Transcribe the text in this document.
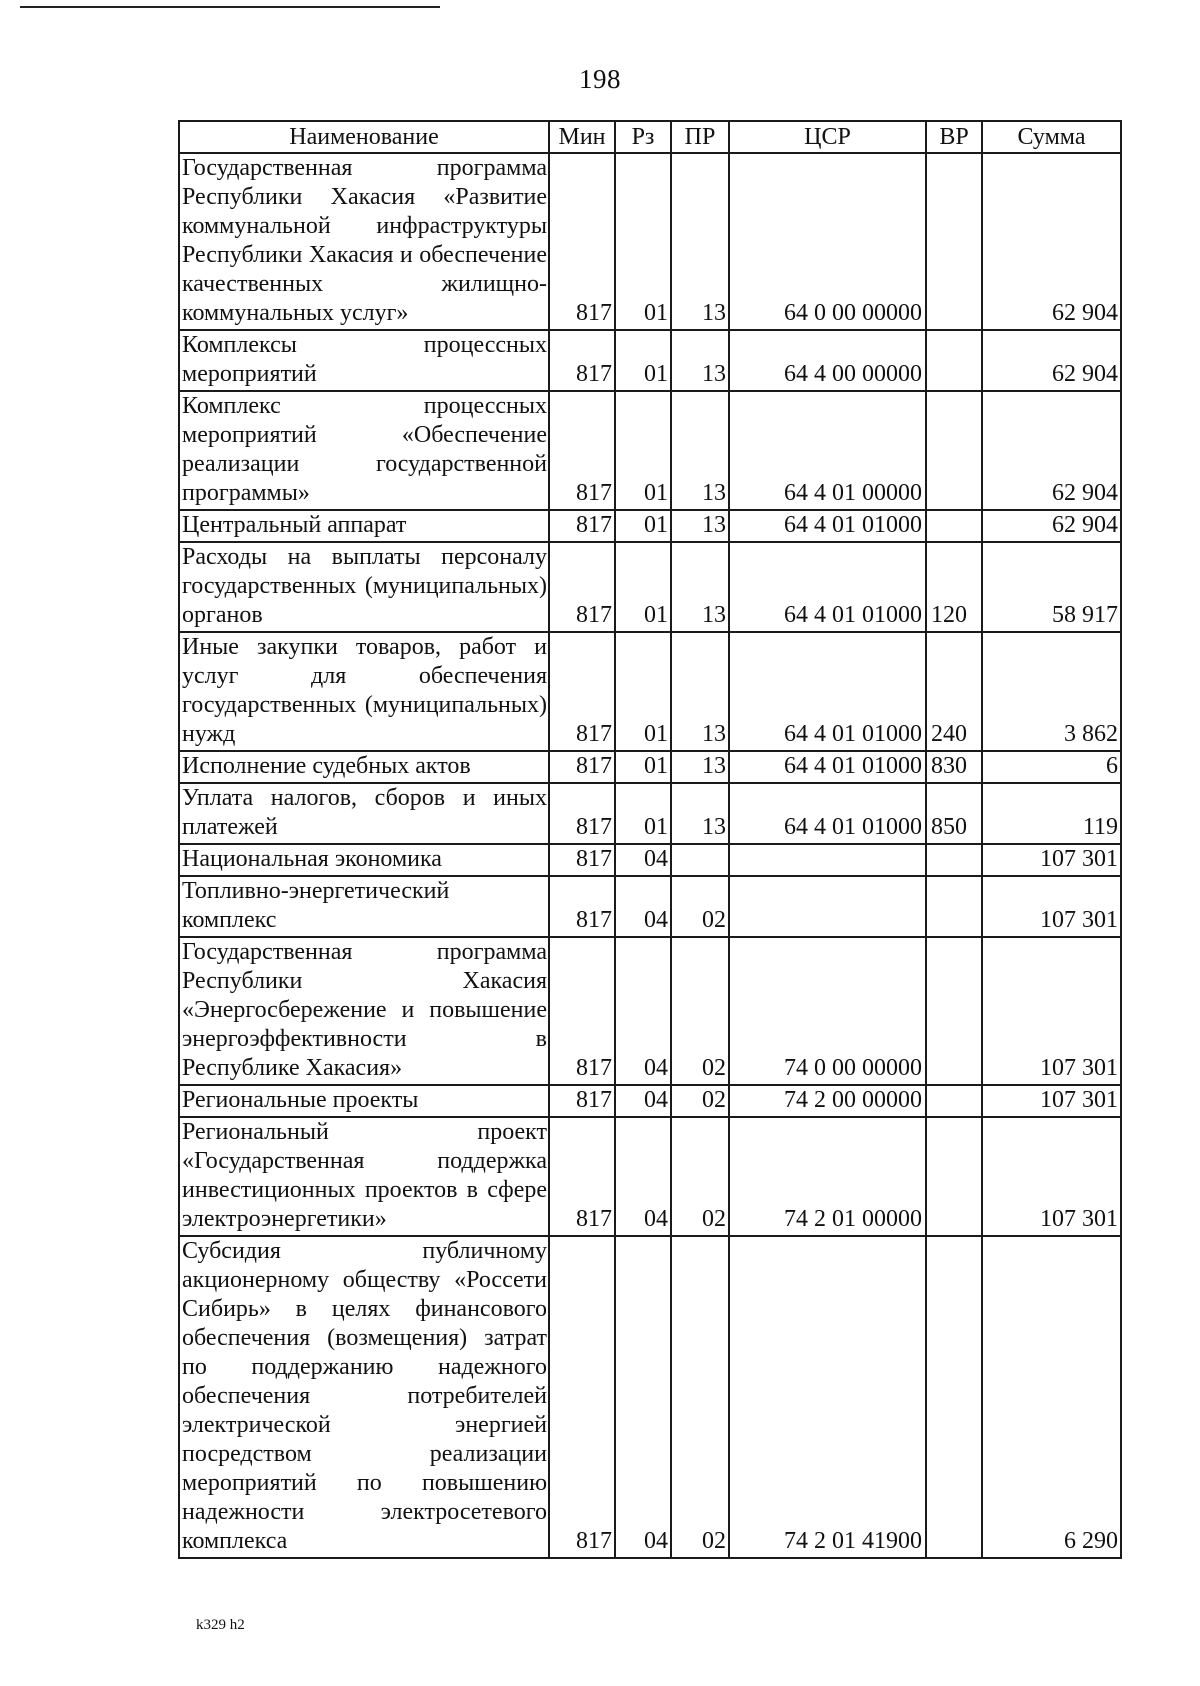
198
Наименование	Мин	Рз	ПР	ЦСР	ВР	Сумма
Государственная программа Республики Хакасия «Развитие коммунальной инфраструктуры Республики Хакасия и обеспечение качественных жилищно-коммунальных услуг»	817	01	13	64 0 00 00000		62 904
Комплексы процессных мероприятий	817	01	13	64 4 00 00000		62 904
Комплекс процессных мероприятий «Обеспечение реализации государственной программы»	817	01	13	64 4 01 00000		62 904
Центральный аппарат	817	01	13	64 4 01 01000		62 904
Расходы на выплаты персоналу государственных (муниципальных) органов	817	01	13	64 4 01 01000	120	58 917
Иные закупки товаров, работ и услуг для обеспечения государственных (муниципальных) нужд	817	01	13	64 4 01 01000	240	3 862
Исполнение судебных актов	817	01	13	64 4 01 01000	830	6
Уплата налогов, сборов и иных платежей	817	01	13	64 4 01 01000	850	119
Национальная экономика	817	04				107 301
Топливно-энергетический комплекс	817	04	02			107 301
Государственная программа Республики Хакасия «Энергосбережение и повышение энергоэффективности в Республике Хакасия»	817	04	02	74 0 00 00000		107 301
Региональные проекты	817	04	02	74 2 00 00000		107 301
Региональный проект «Государственная поддержка инвестиционных проектов в сфере электроэнергетики»	817	04	02	74 2 01 00000		107 301
Субсидия публичному акционерному обществу «Россети Сибирь» в целях финансового обеспечения (возмещения) затрат по поддержанию надежного обеспечения потребителей электрической энергией посредством реализации мероприятий по повышению надежности электросетевого комплекса	817	04	02	74 2 01 41900		6 290
k329 h2
